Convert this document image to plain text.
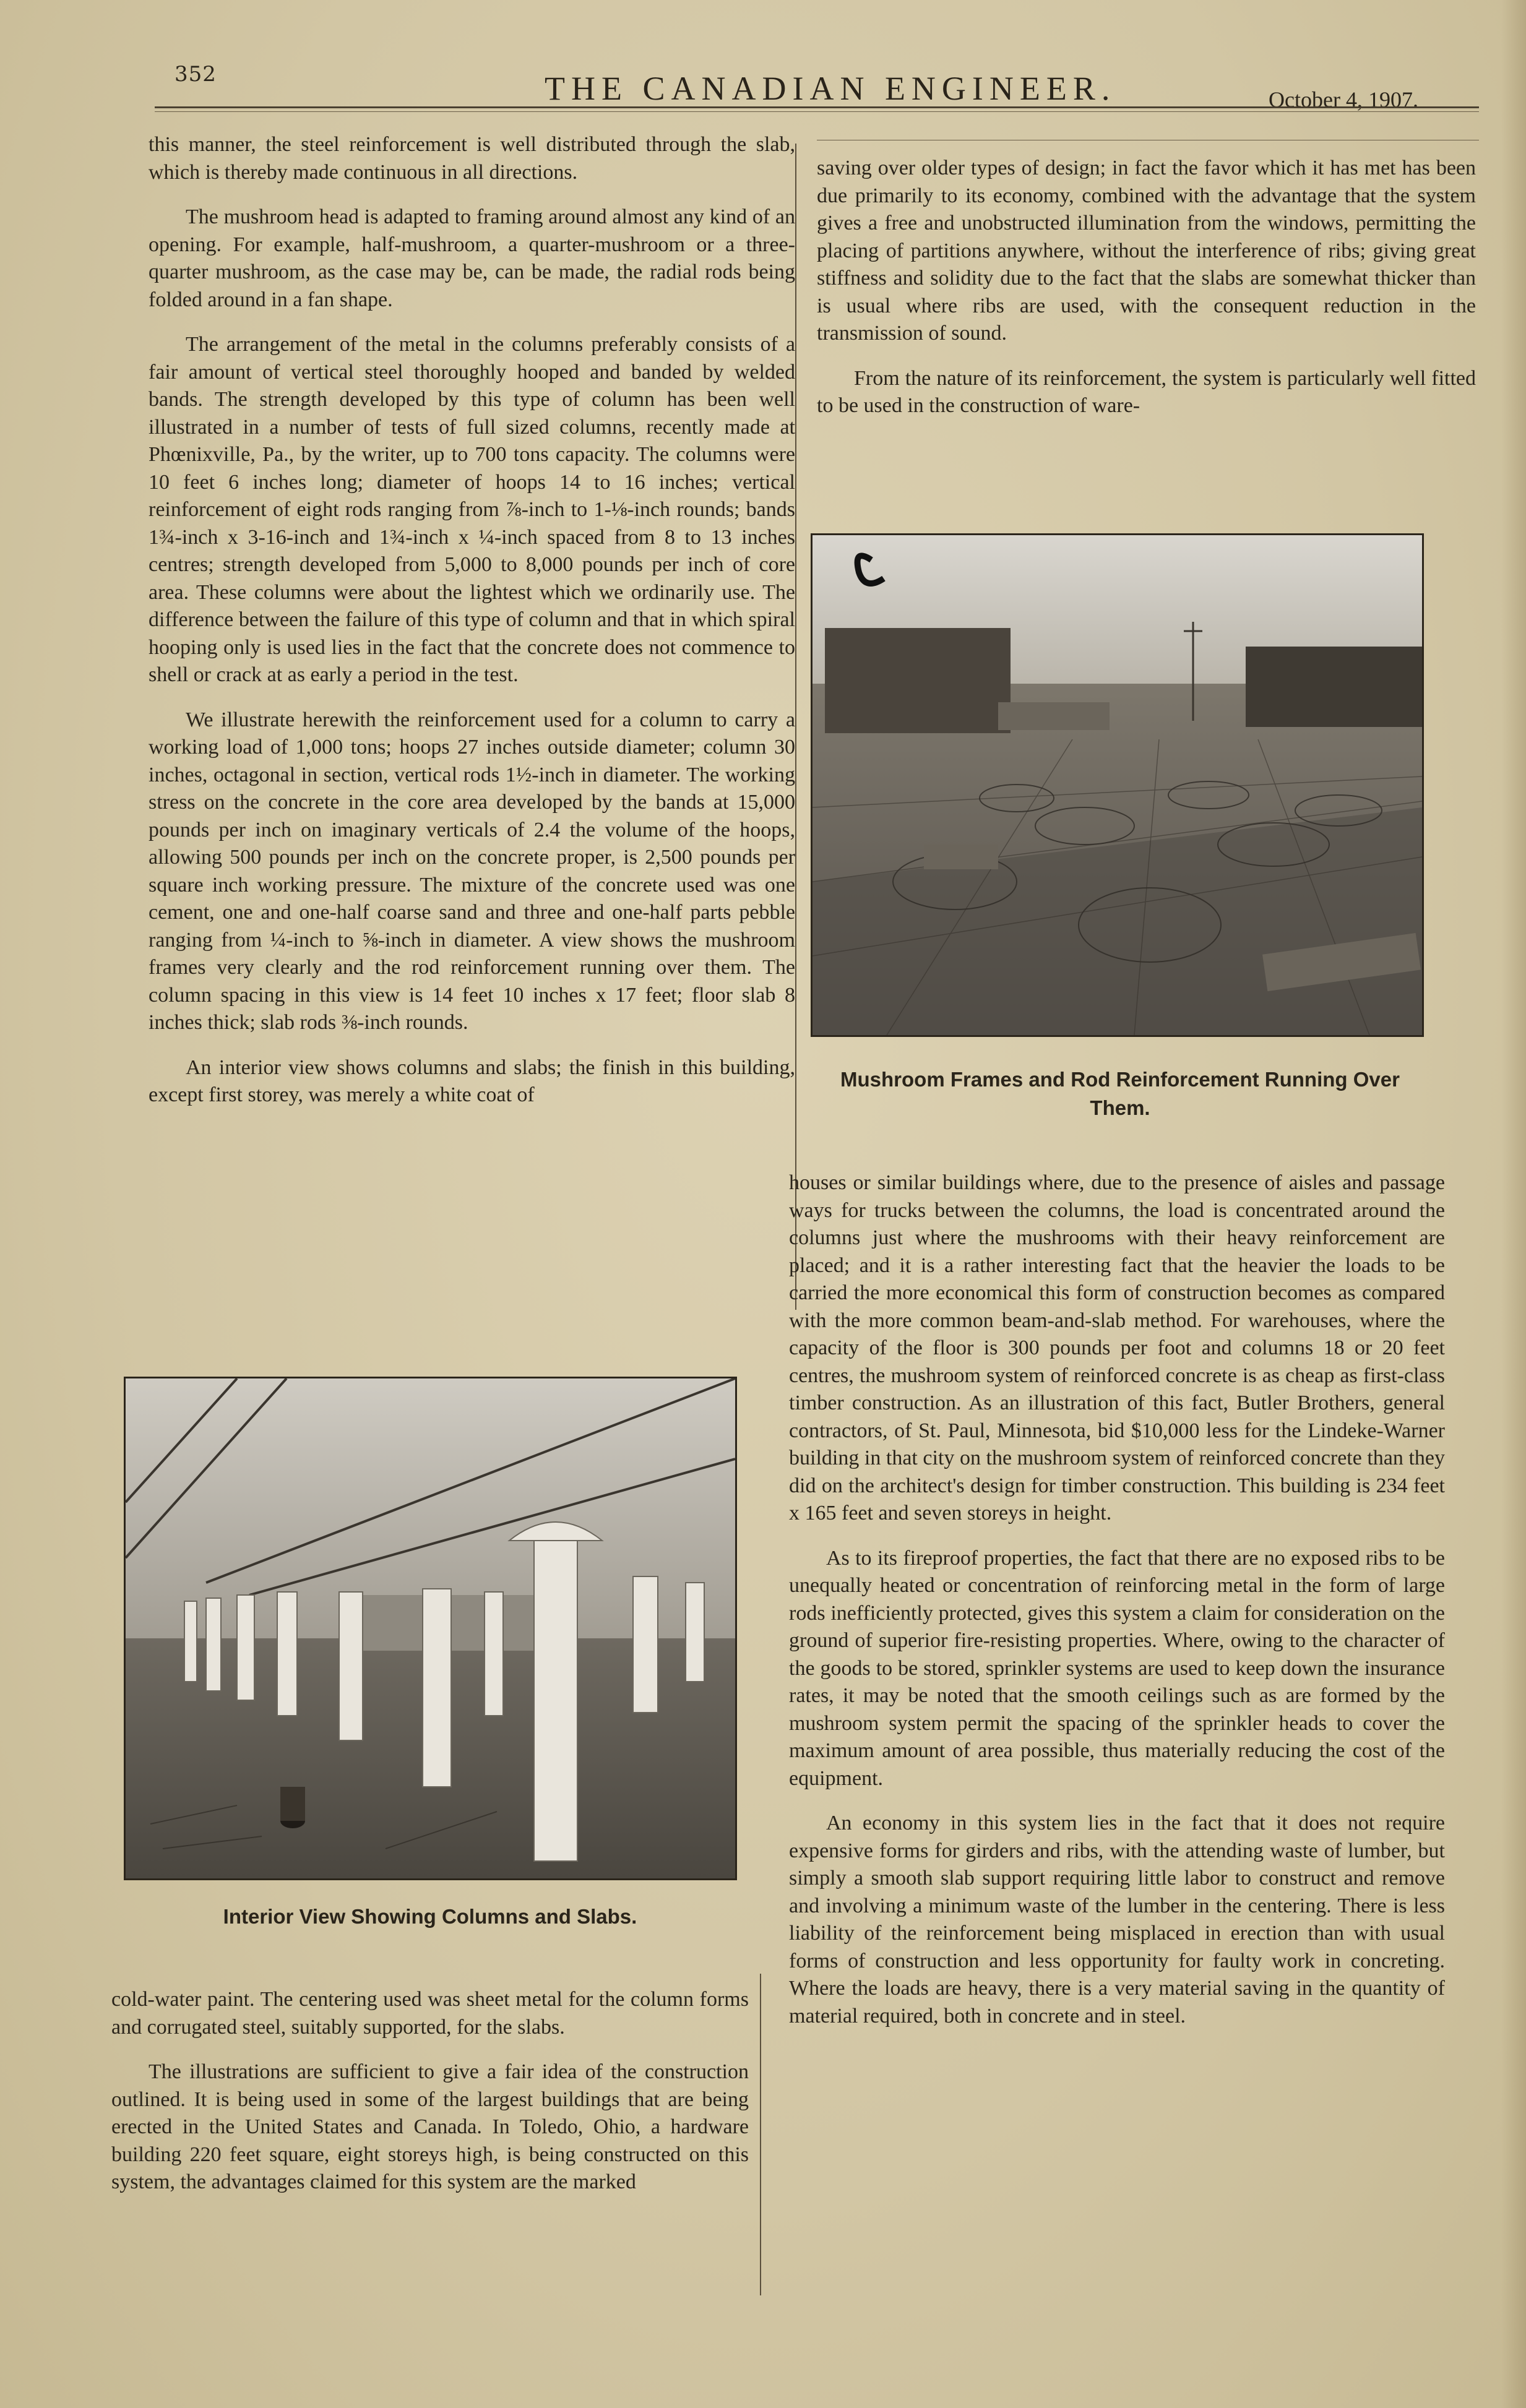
352	THE CANADIAN ENGINEER.	October 4, 1907.

this manner, the steel reinforcement is well distributed through the slab, which is thereby made continuous in all directions.

The mushroom head is adapted to framing around almost any kind of an opening. For example, half-mushroom, a quarter-mushroom or a three-quarter mushroom, as the case may be, can be made, the radial rods being folded around in a fan shape.

The arrangement of the metal in the columns preferably consists of a fair amount of vertical steel thoroughly hooped and banded by welded bands. The strength developed by this type of column has been well illustrated in a number of tests of full sized columns, recently made at Phœnixville, Pa., by the writer, up to 700 tons capacity. The columns were 10 feet 6 inches long; diameter of hoops 14 to 16 inches; vertical reinforcement of eight rods ranging from ⅞-inch to 1-⅛-inch rounds; bands 1¾-inch x 3-16-inch and 1¾-inch x ¼-inch spaced from 8 to 13 inches centres; strength developed from 5,000 to 8,000 pounds per inch of core area. These columns were about the lightest which we ordinarily use. The difference between the failure of this type of column and that in which spiral hooping only is used lies in the fact that the concrete does not commence to shell or crack at as early a period in the test.

We illustrate herewith the reinforcement used for a column to carry a working load of 1,000 tons; hoops 27 inches outside diameter; column 30 inches, octagonal in section, vertical rods 1½-inch in diameter. The working stress on the concrete in the core area developed by the bands at 15,000 pounds per inch on imaginary verticals of 2.4 the volume of the hoops, allowing 500 pounds per inch on the concrete proper, is 2,500 pounds per square inch working pressure. The mixture of the concrete used was one cement, one and one-half coarse sand and three and one-half parts pebble ranging from ¼-inch to ⅝-inch in diameter. A view shows the mushroom frames very clearly and the rod reinforcement running over them. The column spacing in this view is 14 feet 10 inches x 17 feet; floor slab 8 inches thick; slab rods ⅜-inch rounds.

An interior view shows columns and slabs; the finish in this building, except first storey, was merely a white coat of

saving over older types of design; in fact the favor which it has met has been due primarily to its economy, combined with the advantage that the system gives a free and unobstructed illumination from the windows, permitting the placing of partitions anywhere, without the interference of ribs; giving great stiffness and solidity due to the fact that the slabs are somewhat thicker than is usual where ribs are used, with the consequent reduction in the transmission of sound.

From the nature of its reinforcement, the system is particularly well fitted to be used in the construction of ware-

Mushroom Frames and Rod Reinforcement Running Over Them.

houses or similar buildings where, due to the presence of aisles and passage ways for trucks between the columns, the load is concentrated around the columns just where the mushrooms with their heavy reinforcement are placed; and it is a rather interesting fact that the heavier the loads to be carried the more economical this form of construction becomes as compared with the more common beam-and-slab method. For warehouses, where the capacity of the floor is 300 pounds per foot and columns 18 or 20 feet centres, the mushroom system of reinforced concrete is as cheap as first-class timber construction. As an illustration of this fact, Butler Brothers, general contractors, of St. Paul, Minnesota, bid $10,000 less for the Lindeke-Warner building in that city on the mushroom system of reinforced concrete than they did on the architect's design for timber construction. This building is 234 feet x 165 feet and seven storeys in height.

As to its fireproof properties, the fact that there are no exposed ribs to be unequally heated or concentration of reinforcing metal in the form of large rods inefficiently protected, gives this system a claim for consideration on the ground of superior fire-resisting properties. Where, owing to the character of the goods to be stored, sprinkler systems are used to keep down the insurance rates, it may be noted that the smooth ceilings such as are formed by the mushroom system permit the spacing of the sprinkler heads to cover the maximum amount of area possible, thus materially reducing the cost of the equipment.

An economy in this system lies in the fact that it does not require expensive forms for girders and ribs, with the attending waste of lumber, but simply a smooth slab support requiring little labor to construct and remove and involving a minimum waste of the lumber in the centering. There is less liability of the reinforcement being misplaced in erection than with usual forms of construction and less opportunity for faulty work in concreting. Where the loads are heavy, there is a very material saving in the quantity of material required, both in concrete and in steel.

Interior View Showing Columns and Slabs.

cold-water paint. The centering used was sheet metal for the column forms and corrugated steel, suitably supported, for the slabs.

The illustrations are sufficient to give a fair idea of the construction outlined. It is being used in some of the largest buildings that are being erected in the United States and Canada. In Toledo, Ohio, a hardware building 220 feet square, eight storeys high, is being constructed on this system, the advantages claimed for this system are the marked
